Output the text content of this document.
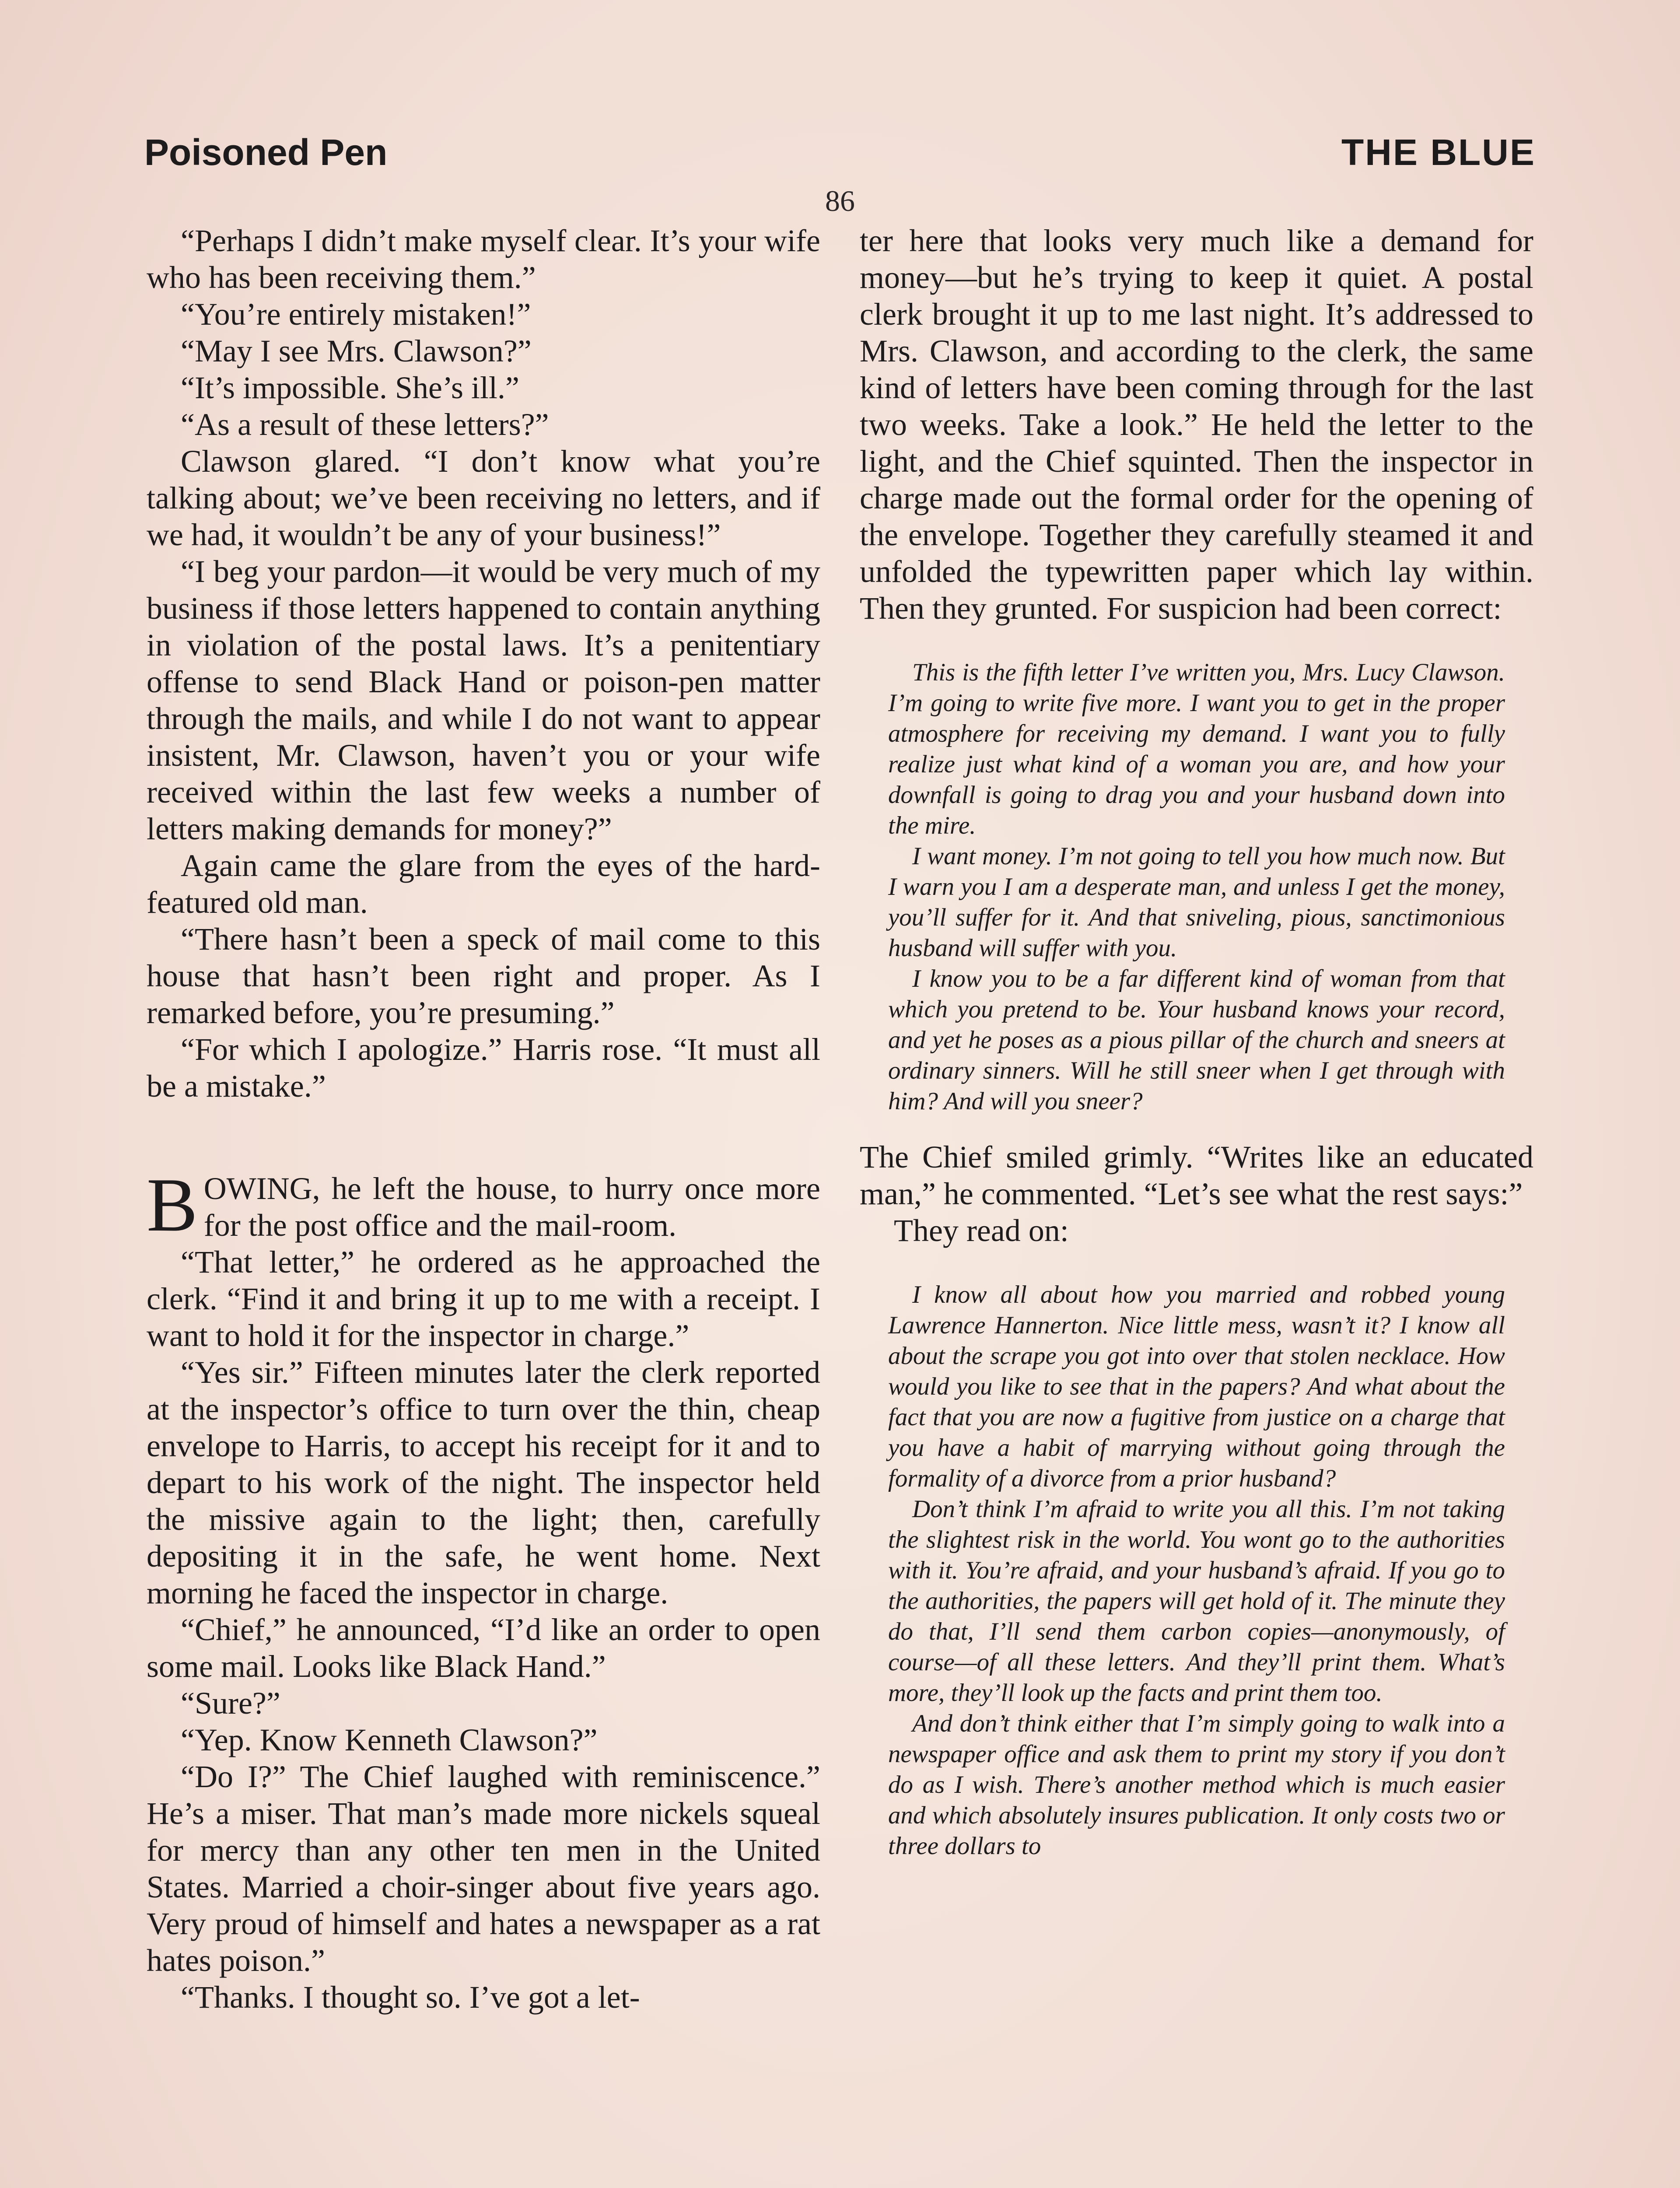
Poisoned Pen	THE BLUE
86

“Perhaps I didn’t make myself clear. It’s your wife who has been receiving them.”

“You’re entirely mistaken!”

“May I see Mrs. Clawson?”

“It’s impossible. She’s ill.”

“As a result of these letters?”

Clawson glared. “I don’t know what you’re talking about; we’ve been receiving no letters, and if we had, it wouldn’t be any of your business!”

“I beg your pardon—it would be very much of my business if those letters happened to contain anything in violation of the postal laws. It’s a penitentiary offense to send Black Hand or poison-pen matter through the mails, and while I do not want to appear insistent, Mr. Clawson, haven’t you or your wife received within the last few weeks a number of letters making demands for money?”

Again came the glare from the eyes of the hard-featured old man.

“There hasn’t been a speck of mail come to this house that hasn’t been right and proper. As I remarked before, you’re presuming.”

“For which I apologize.” Harris rose. “It must all be a mistake.”

BOWING, he left the house, to hurry once more for the post office and the mail-room.

“That letter,” he ordered as he approached the clerk. “Find it and bring it up to me with a receipt. I want to hold it for the inspector in charge.”

“Yes sir.” Fifteen minutes later the clerk reported at the inspector’s office to turn over the thin, cheap envelope to Harris, to accept his receipt for it and to depart to his work of the night. The inspector held the missive again to the light; then, carefully depositing it in the safe, he went home. Next morning he faced the inspector in charge.

“Chief,” he announced, “I’d like an order to open some mail. Looks like Black Hand.”

“Sure?”

“Yep. Know Kenneth Clawson?”

“Do I?” The Chief laughed with reminiscence.” He’s a miser. That man’s made more nickels squeal for mercy than any other ten men in the United States. Married a choir-singer about five years ago. Very proud of himself and hates a newspaper as a rat hates poison.”

“Thanks. I thought so. I’ve got a let-

ter here that looks very much like a demand for money—but he’s trying to keep it quiet. A postal clerk brought it up to me last night. It’s addressed to Mrs. Clawson, and according to the clerk, the same kind of letters have been coming through for the last two weeks. Take a look.” He held the letter to the light, and the Chief squinted. Then the inspector in charge made out the formal order for the opening of the envelope. Together they carefully steamed it and unfolded the typewritten paper which lay within. Then they grunted. For suspicion had been correct:

This is the fifth letter I’ve written you, Mrs. Lucy Clawson. I’m going to write five more. I want you to get in the proper atmosphere for receiving my demand. I want you to fully realize just what kind of a woman you are, and how your downfall is going to drag you and your husband down into the mire.

I want money. I’m not going to tell you how much now. But I warn you I am a desperate man, and unless I get the money, you’ll suffer for it. And that sniveling, pious, sanctimonious husband will suffer with you.

I know you to be a far different kind of woman from that which you pretend to be. Your husband knows your record, and yet he poses as a pious pillar of the church and sneers at ordinary sinners. Will he still sneer when I get through with him? And will you sneer?

The Chief smiled grimly. “Writes like an educated man,” he commented. “Let’s see what the rest says:”

They read on:

I know all about how you married and robbed young Lawrence Hannerton. Nice little mess, wasn’t it? I know all about the scrape you got into over that stolen necklace. How would you like to see that in the papers? And what about the fact that you are now a fugitive from justice on a charge that you have a habit of marrying without going through the formality of a divorce from a prior husband?

Don’t think I’m afraid to write you all this. I’m not taking the slightest risk in the world. You wont go to the authorities with it. You’re afraid, and your husband’s afraid. If you go to the authorities, the papers will get hold of it. The minute they do that, I’ll send them carbon copies—anonymously, of course—of all these letters. And they’ll print them. What’s more, they’ll look up the facts and print them too.

And don’t think either that I’m simply going to walk into a newspaper office and ask them to print my story if you don’t do as I wish. There’s another method which is much easier and which absolutely insures publication. It only costs two or three dollars to
